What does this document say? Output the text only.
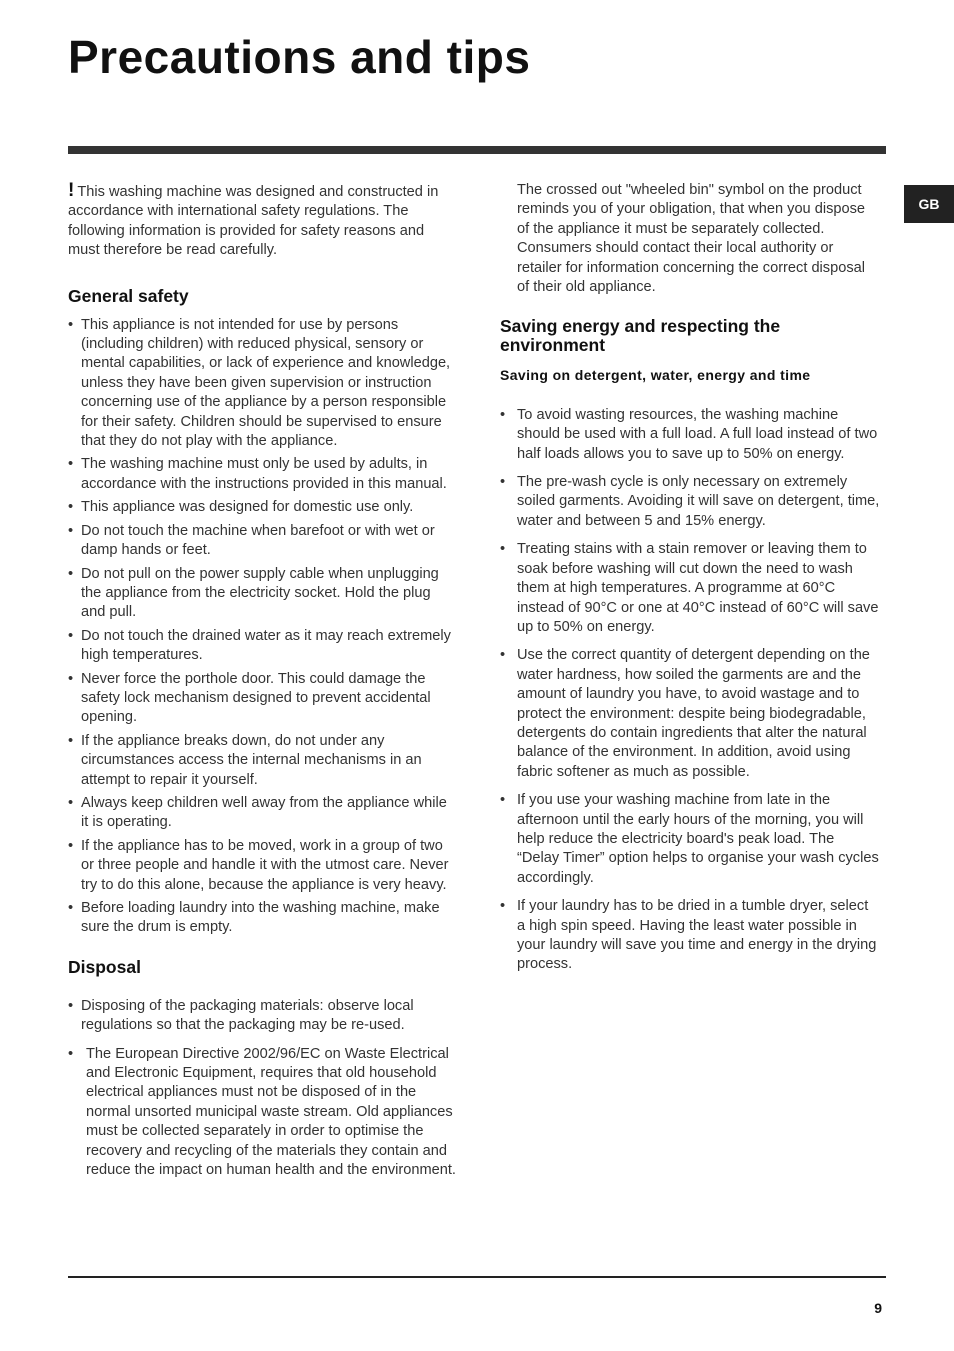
Precautions and tips
GB

! This washing machine was designed and constructed in accordance with international safety regulations. The following information is provided for safety reasons and must therefore be read carefully.

General safety
• This appliance is not intended for use by persons (including children) with reduced physical, sensory or mental capabilities, or lack of experience and knowledge, unless they have been given supervision or instruction concerning use of the appliance by a person responsible for their safety. Children should be supervised to ensure that they do not play with the appliance.
• The washing machine must only be used by adults, in accordance with the instructions provided in this manual.
• This appliance was designed for domestic use only.
• Do not touch the machine when barefoot or with wet or damp hands or feet.
• Do not pull on the power supply cable when unplugging the appliance from the electricity socket. Hold the plug and pull.
• Do not touch the drained water as it may reach extremely high temperatures.
• Never force the porthole door. This could damage the safety lock mechanism designed to prevent accidental opening.
• If the appliance breaks down, do not under any circumstances access the internal mechanisms in an attempt to repair it yourself.
• Always keep children well away from the appliance while it is operating.
• If the appliance has to be moved, work in a group of two or three people and handle it with the utmost care. Never try to do this alone, because the appliance is very heavy.
• Before loading laundry into the washing machine, make sure the drum is empty.
Disposal
• Disposing of the packaging materials: observe local regulations so that the packaging may be re-used.
• The European Directive 2002/96/EC on Waste Electrical and Electronic Equipment, requires that old household electrical appliances must not be disposed of in the normal unsorted municipal waste stream. Old appliances must be collected separately in order to optimise the recovery and recycling of the materials they contain and reduce the impact on human health and the environment.

The crossed out "wheeled bin" symbol on the product reminds you of your obligation, that when you dispose of the appliance it must be separately collected.

Consumers should contact their local authority or retailer for information concerning the correct disposal of their old appliance.

Saving energy and respecting the environment
Saving on detergent, water, energy and time
• To avoid wasting resources, the washing machine should be used with a full load. A full load instead of two half loads allows you to save up to 50% on energy.
• The pre-wash cycle is only necessary on extremely soiled garments. Avoiding it will save on detergent, time, water and between 5 and 15% energy.
• Treating stains with a stain remover or leaving them to soak before washing will cut down the need to wash them at high temperatures. A programme at 60°C instead of 90°C or one at 40°C instead of 60°C will save up to 50% on energy.
• Use the correct quantity of detergent depending on the water hardness, how soiled the garments are and the amount of laundry you have, to avoid wastage and to protect the environment: despite being biodegradable, detergents do contain ingredients that alter the natural balance of the environment. In addition, avoid using fabric softener as much as possible.
• If you use your washing machine from late in the afternoon until the early hours of the morning, you will help reduce the electricity board's peak load. The “Delay Timer” option helps to organise your wash cycles accordingly.
• If your laundry has to be dried in a tumble dryer, select a high spin speed. Having the least water possible in your laundry will save you time and energy in the drying process.
9
